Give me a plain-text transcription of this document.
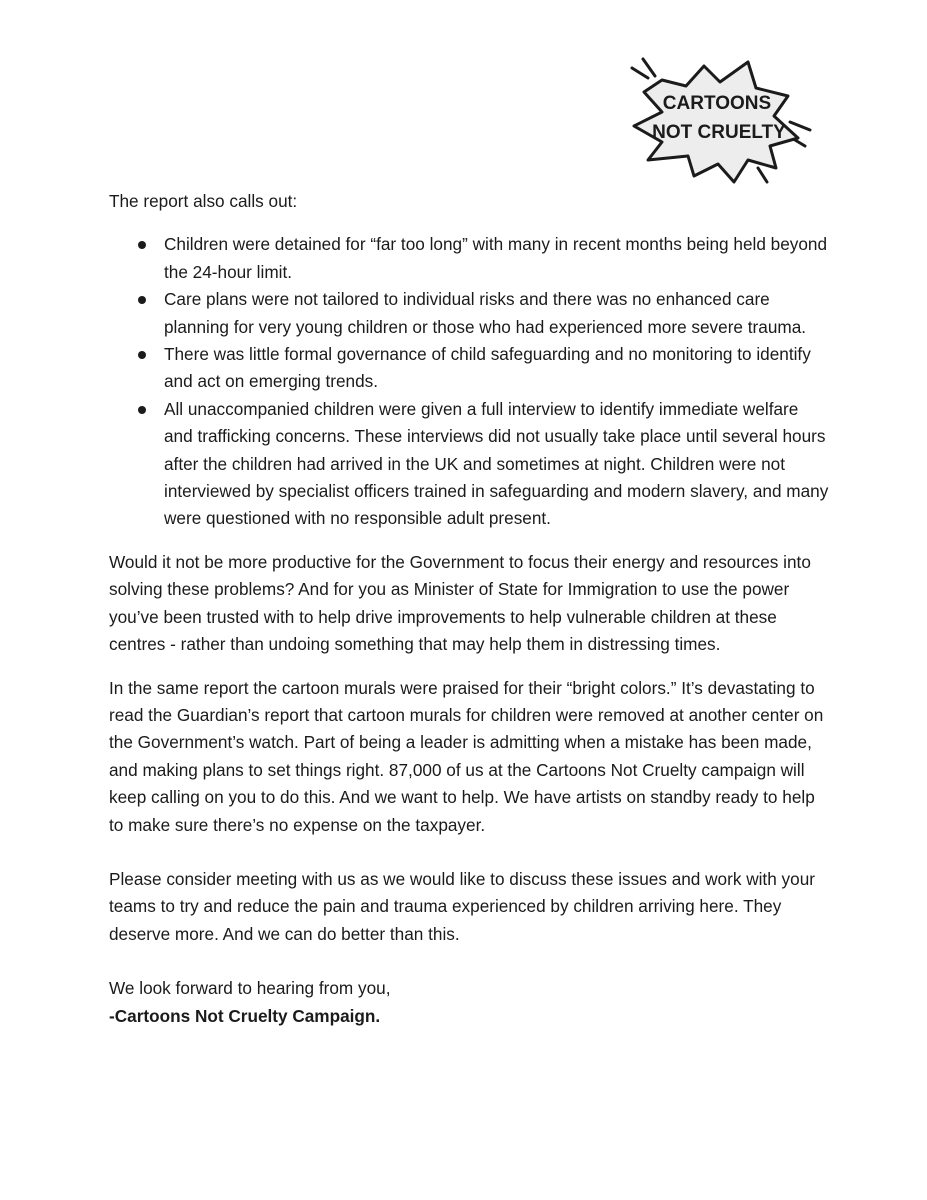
CARTOONS
NOT CRUELTY

The report also calls out:

Children were detained for “far too long” with many in recent months being held beyond the 24-hour limit.
Care plans were not tailored to individual risks and there was no enhanced care planning for very young children or those who had experienced more severe trauma.
There was little formal governance of child safeguarding and no monitoring to identify and act on emerging trends.
All unaccompanied children were given a full interview to identify immediate welfare and trafficking concerns. These interviews did not usually take place until several hours after the children had arrived in the UK and sometimes at night. Children were not interviewed by specialist officers trained in safeguarding and modern slavery, and many were questioned with no responsible adult present.

Would it not be more productive for the Government to focus their energy and resources into solving these problems? And for you as Minister of State for Immigration to use the power you’ve been trusted with to help drive improvements to help vulnerable children at these centres - rather than undoing something that may help them in distressing times.

In the same report the cartoon murals were praised for their “bright colors.” It’s devastating to read the Guardian’s report that cartoon murals for children were removed at another center on the Government’s watch. Part of being a leader is admitting when a mistake has been made, and making plans to set things right. 87,000 of us at the Cartoons Not Cruelty campaign will keep calling on you to do this. And we want to help. We have artists on standby ready to help to make sure there’s no expense on the taxpayer.

Please consider meeting with us as we would like to discuss these issues and work with your teams to try and reduce the pain and trauma experienced by children arriving here. They deserve more. And we can do better than this.

We look forward to hearing from you,

-Cartoons Not Cruelty Campaign.
